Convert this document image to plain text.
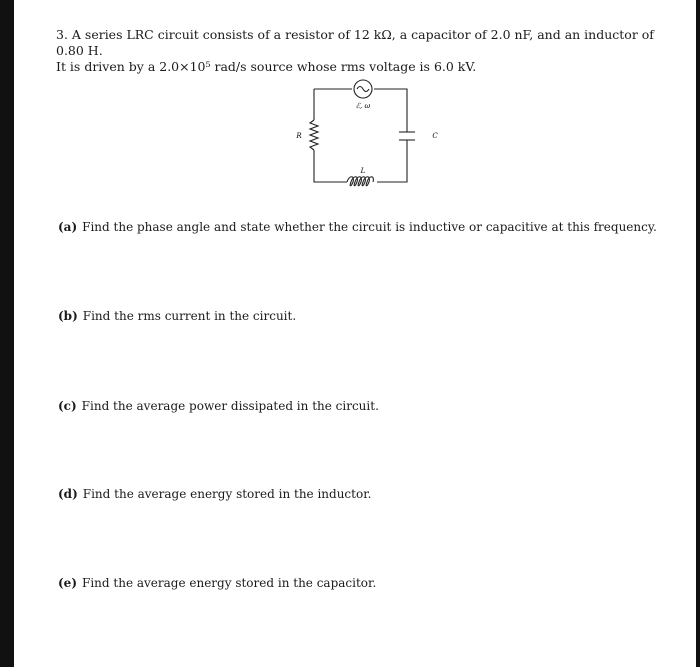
3. A series LRC circuit consists of a resistor of 12 kΩ, a capacitor of 2.0 nF, and an inductor of 0.80 H.
It is driven by a 2.0×10⁵ rad/s source whose rms voltage is 6.0 kV.
ℰ, ω
R	C
L
(a) Find the phase angle and state whether the circuit is inductive or capacitive at this frequency.
(b) Find the rms current in the circuit.
(c) Find the average power dissipated in the circuit.
(d) Find the average energy stored in the inductor.
(e) Find the average energy stored in the capacitor.
